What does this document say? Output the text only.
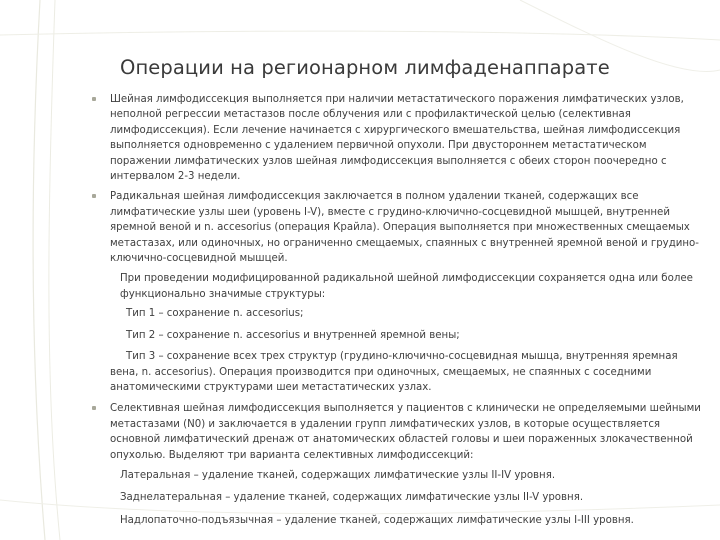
Операции на регионарном лимфаденаппарате
Шейная лимфодиссекция выполняется при наличии метастатического поражения лимфатических узлов, неполной регрессии метастазов после облучения или с профилактической целью (селективная лимфодиссекция). Если лечение начинается с хирургического вмешательства, шейная лимфодиссекция выполняется одновременно с удалением первичной опухоли. При двустороннем метастатическом поражении лимфатических узлов шейная лимфодиссекция выполняется с обеих сторон поочередно с интервалом 2-3 недели.
Радикальная шейная лимфодиссекция заключается в полном удалении тканей, содержащих все лимфатические узлы шеи (уровень I-V), вместе с грудино-ключично-сосцевидной мышцей, внутренней яремной веной и n. accesorius (операция Крайла). Операция выполняется при множественных смещаемых метастазах, или одиночных, но ограниченно смещаемых, спаянных с внутренней яремной веной и грудино-ключично-сосцевидной мышцей.
При проведении модифицированной радикальной шейной лимфодиссекции сохраняется одна или более функционально значимые структуры:
Тип 1 – сохранение n. accesorius;
Тип 2 – сохранение n. accesorius и внутренней яремной вены;
Тип 3 – сохранение всех трех структур (грудино-ключично-сосцевидная мышца, внутренняя яремная вена, n. accesorius). Операция производится при одиночных, смещаемых, не спаянных с соседними анатомическими структурами шеи метастатических узлах.
Селективная шейная лимфодиссекция выполняется у пациентов с клинически не определяемыми шейными метастазами (N0) и заключается в удалении групп лимфатических узлов, в которые осуществляется основной лимфатический дренаж от анатомических областей головы и шеи пораженных злокачественной опухолью. Выделяют три варианта селективных лимфодиссекций:
Латеральная – удаление тканей, содержащих лимфатические узлы II-IV уровня.
Заднелатеральная – удаление тканей, содержащих лимфатические узлы II-V уровня.
Надлопаточно-подъязычная – удаление тканей, содержащих лимфатические узлы I-III уровня.
